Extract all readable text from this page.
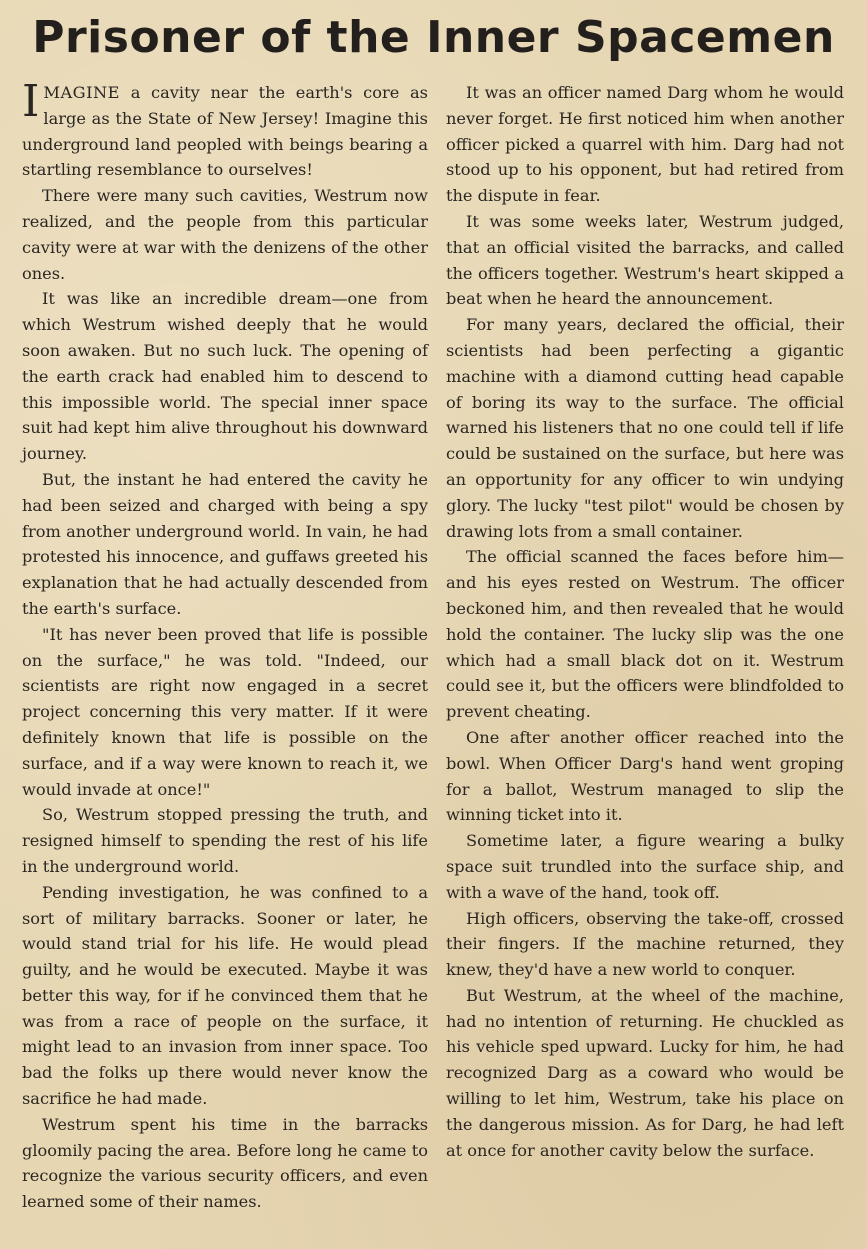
Prisoner of the Inner Spacemen

IMAGINE a cavity near the earth's core as large as the State of New Jersey! Imagine this underground land peopled with beings bearing a startling resemblance to ourselves!

There were many such cavities, Westrum now realized, and the people from this particular cavity were at war with the denizens of the other ones.

It was like an incredible dream—one from which Westrum wished deeply that he would soon awaken. But no such luck. The opening of the earth crack had enabled him to descend to this impossible world. The special inner space suit had kept him alive throughout his downward journey.

But, the instant he had entered the cavity he had been seized and charged with being a spy from another underground world. In vain, he had protested his innocence, and guffaws greeted his explanation that he had actually descended from the earth's surface.

"It has never been proved that life is possible on the surface," he was told. "Indeed, our scientists are right now engaged in a secret project concerning this very matter. If it were definitely known that life is possible on the surface, and if a way were known to reach it, we would invade at once!"

So, Westrum stopped pressing the truth, and resigned himself to spending the rest of his life in the underground world.

Pending investigation, he was confined to a sort of military barracks. Sooner or later, he would stand trial for his life. He would plead guilty, and he would be executed. Maybe it was better this way, for if he convinced them that he was from a race of people on the surface, it might lead to an invasion from inner space. Too bad the folks up there would never know the sacrifice he had made.

Westrum spent his time in the barracks gloomily pacing the area. Before long he came to recognize the various security officers, and even learned some of their names.

It was an officer named Darg whom he would never forget. He first noticed him when another officer picked a quarrel with him. Darg had not stood up to his opponent, but had retired from the dispute in fear.

It was some weeks later, Westrum judged, that an official visited the barracks, and called the officers together. Westrum's heart skipped a beat when he heard the announcement.

For many years, declared the official, their scientists had been perfecting a gigantic machine with a diamond cutting head capable of boring its way to the surface. The official warned his listeners that no one could tell if life could be sustained on the surface, but here was an opportunity for any officer to win undying glory. The lucky "test pilot" would be chosen by drawing lots from a small container.

The official scanned the faces before him—and his eyes rested on Westrum. The officer beckoned him, and then revealed that he would hold the container. The lucky slip was the one which had a small black dot on it. Westrum could see it, but the officers were blindfolded to prevent cheating.

One after another officer reached into the bowl. When Officer Darg's hand went groping for a ballot, Westrum managed to slip the winning ticket into it.

Sometime later, a figure wearing a bulky space suit trundled into the surface ship, and with a wave of the hand, took off.

High officers, observing the take-off, crossed their fingers. If the machine returned, they knew, they'd have a new world to conquer.

But Westrum, at the wheel of the machine, had no intention of returning. He chuckled as his vehicle sped upward. Lucky for him, he had recognized Darg as a coward who would be willing to let him, Westrum, take his place on the dangerous mission. As for Darg, he had left at once for another cavity below the surface.
